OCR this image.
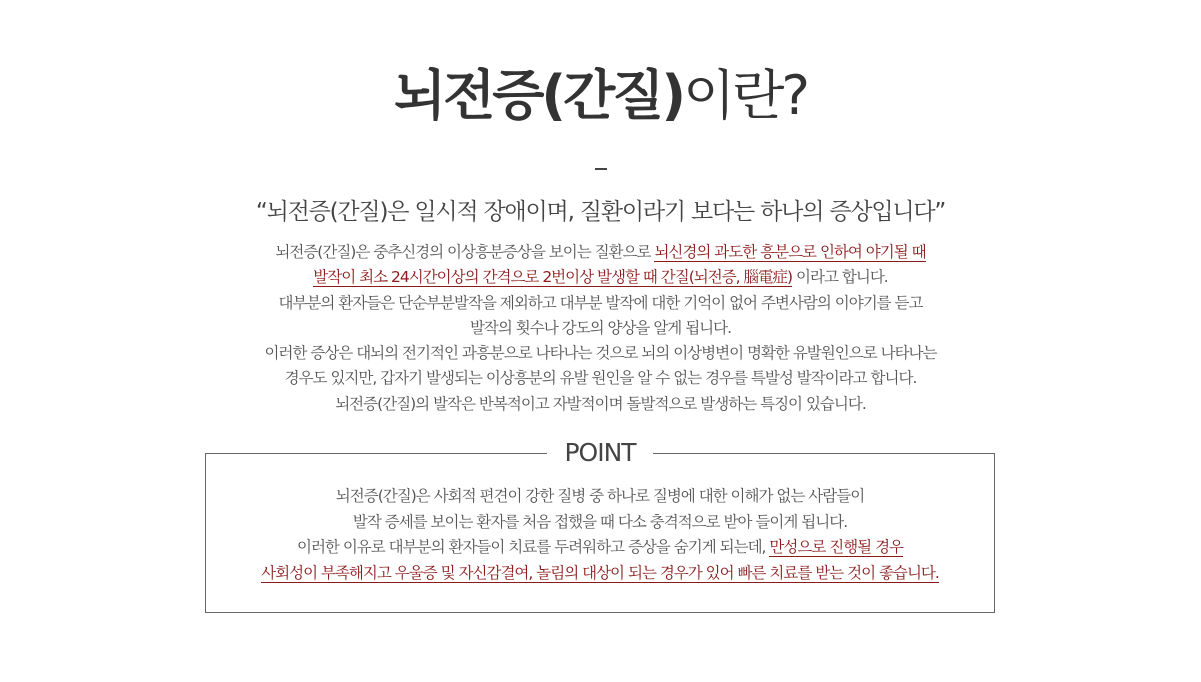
뇌전증(간질)이란?
“뇌전증(간질)은 일시적 장애이며, 질환이라기 보다는 하나의 증상입니다”

뇌전증(간질)은 중추신경의 이상흥분증상을 보이는 질환으로 뇌신경의 과도한 흥분으로 인하여 야기될 때

발작이 최소 24시간이상의 간격으로 2번이상 발생할 때 간질(뇌전증, 腦電症) 이라고 합니다.

대부분의 환자들은 단순부분발작을 제외하고 대부분 발작에 대한 기억이 없어 주변사람의 이야기를 듣고

발작의 횟수나 강도의 양상을 알게 됩니다.

이러한 증상은 대뇌의 전기적인 과흥분으로 나타나는 것으로 뇌의 이상병변이 명확한 유발원인으로 나타나는

경우도 있지만, 갑자기 발생되는 이상흥분의 유발 원인을 알 수 없는 경우를 특발성 발작이라고 합니다.

뇌전증(간질)의 발작은 반복적이고 자발적이며 돌발적으로 발생하는 특징이 있습니다.

POINT

뇌전증(간질)은 사회적 편견이 강한 질병 중 하나로 질병에 대한 이해가 없는 사람들이

발작 증세를 보이는 환자를 처음 접했을 때 다소 충격적으로 받아 들이게 됩니다.

이러한 이유로 대부분의 환자들이 치료를 두려워하고 증상을 숨기게 되는데, 만성으로 진행될 경우

사회성이 부족해지고 우울증 및 자신감결여, 놀림의 대상이 되는 경우가 있어 빠른 치료를 받는 것이 좋습니다.
